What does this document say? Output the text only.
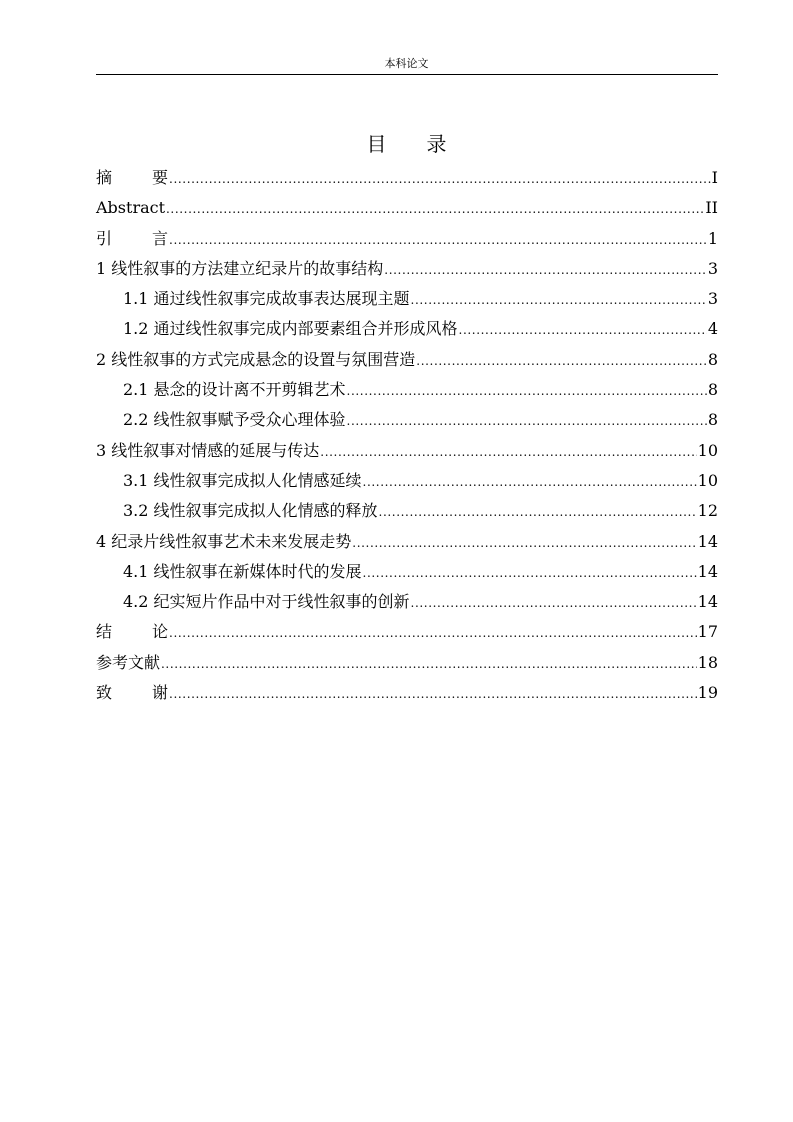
本科论文
目 录
摘	要 .....	I
Abstract .....	II
引	言 .....	1
1 线性叙事的方法建立纪录片的故事结构 .....	3
1.1 通过线性叙事完成故事表达展现主题 .....	3
1.2 通过线性叙事完成内部要素组合并形成风格 .....	4
2 线性叙事的方式完成悬念的设置与氛围营造 .....	8
2.1 悬念的设计离不开剪辑艺术 .....	8
2.2 线性叙事赋予受众心理体验 .....	8
3 线性叙事对情感的延展与传达 .....	10
3.1 线性叙事完成拟人化情感延续 .....	10
3.2 线性叙事完成拟人化情感的释放 .....	12
4 纪录片线性叙事艺术未来发展走势 .....	14
4.1 线性叙事在新媒体时代的发展 .....	14
4.2 纪实短片作品中对于线性叙事的创新 .....	14
结	论 .....	17
参考文献 .....	18
致	谢 .....	19
